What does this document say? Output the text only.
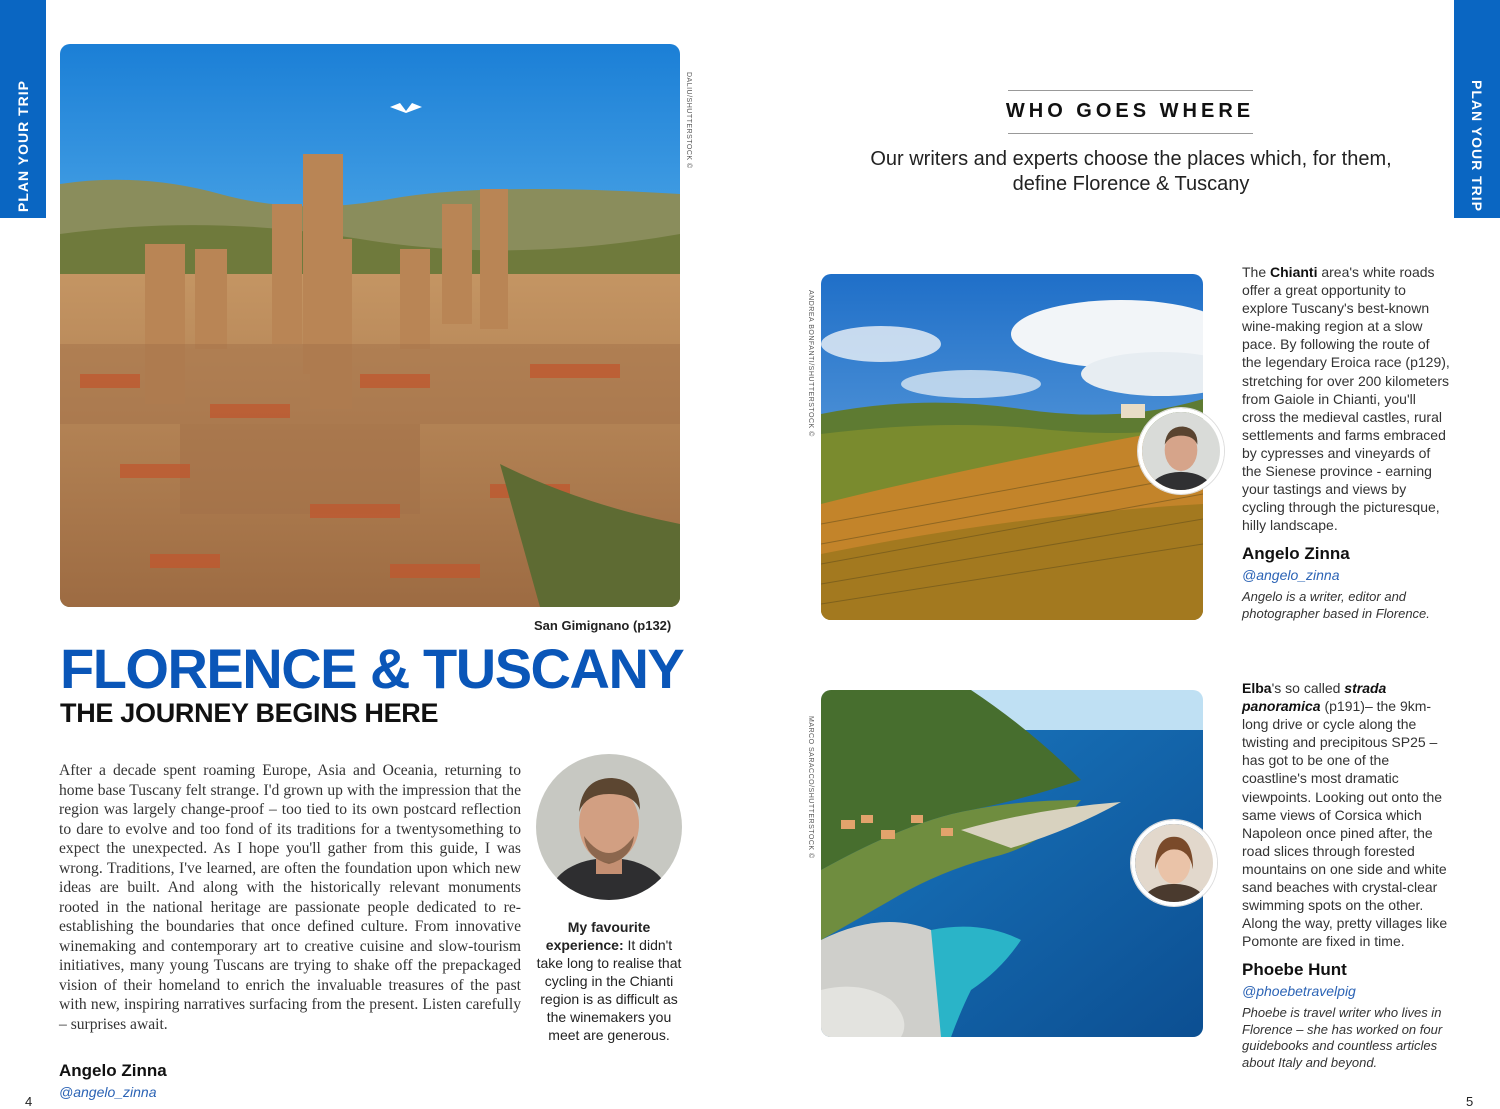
PLAN YOUR TRIP	PLAN YOUR TRIP
DALIU/SHUTTERSTOCK ©
San Gimignano (p132)
FLORENCE & TUSCANY
THE JOURNEY BEGINS HERE

After a decade spent roaming Europe, Asia and Oceania, returning to home base Tuscany felt strange. I'd grown up with the impression that the region was largely change-proof – too tied to its own postcard reflection to dare to evolve and too fond of its traditions for a twentysomething to expect the unexpected. As I hope you'll gather from this guide, I was wrong. Traditions, I've learned, are often the foundation upon which new ideas are built. And along with the historically relevant monuments rooted in the national heritage are passionate people dedicated to re-establishing the boundaries that once defined culture. From innovative winemaking and contemporary art to creative cuisine and slow-tourism initiatives, many young Tuscans are trying to shake off the prepackaged vision of their homeland to enrich the invaluable treasures of the past with new, inspiring narratives surfacing from the present. Listen carefully – surprises await.

My favourite experience: It didn't take long to realise that cycling in the Chianti region is as difficult as the winemakers you meet are generous.
Angelo Zinna
@angelo_zinna
4	5
WHO GOES WHERE
Our writers and experts choose the places which, for them, define Florence & Tuscany
ANDREA BONFANTI/SHUTTERSTOCK ©
The Chianti area's white roads offer a great opportunity to explore Tuscany's best-known wine-making region at a slow pace. By following the route of the legendary Eroica race (p129), stretching for over 200 kilometers from Gaiole in Chianti, you'll cross the medieval castles, rural settlements and farms embraced by cypresses and vineyards of the Sienese province - earning your tastings and views by cycling through the picturesque, hilly landscape.
Angelo Zinna
@angelo_zinna
Angelo is a writer, editor and photographer based in Florence.
MARCO SARACCO/SHUTTERSTOCK ©
Elba's so called strada panoramica (p191)– the 9km-long drive or cycle along the twisting and precipitous SP25 – has got to be one of the coastline's most dramatic viewpoints. Looking out onto the same views of Corsica which Napoleon once pined after, the road slices through forested mountains on one side and white sand beaches with crystal-clear swimming spots on the other. Along the way, pretty villages like Pomonte are fixed in time.
Phoebe Hunt
@phoebetravelpig
Phoebe is travel writer who lives in Florence – she has worked on four guidebooks and countless articles about Italy and beyond.
